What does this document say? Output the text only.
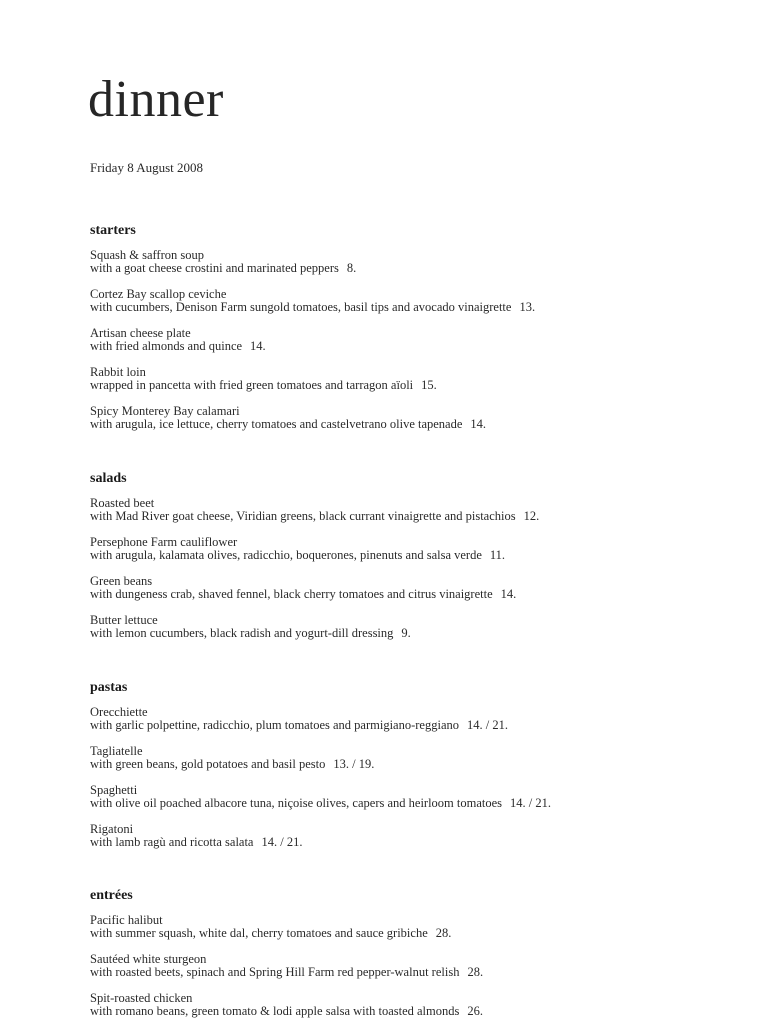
dinner
Friday 8 August 2008
starters
Squash & saffron soup
with a goat cheese crostini and marinated peppers 8.
Cortez Bay scallop ceviche
with cucumbers, Denison Farm sungold tomatoes, basil tips and avocado vinaigrette 13.
Artisan cheese plate
with fried almonds and quince 14.
Rabbit loin
wrapped in pancetta with fried green tomatoes and tarragon aïoli 15.
Spicy Monterey Bay calamari
with arugula, ice lettuce, cherry tomatoes and castelvetrano olive tapenade 14.
salads
Roasted beet
with Mad River goat cheese, Viridian greens, black currant vinaigrette and pistachios 12.
Persephone Farm cauliflower
with arugula, kalamata olives, radicchio, boquerones, pinenuts and salsa verde 11.
Green beans
with dungeness crab, shaved fennel, black cherry tomatoes and citrus vinaigrette 14.
Butter lettuce
with lemon cucumbers, black radish and yogurt-dill dressing 9.
pastas
Orecchiette
with garlic polpettine, radicchio, plum tomatoes and parmigiano-reggiano 14. / 21.
Tagliatelle
with green beans, gold potatoes and basil pesto 13. / 19.
Spaghetti
with olive oil poached albacore tuna, niçoise olives, capers and heirloom tomatoes 14. / 21.
Rigatoni
with lamb ragù and ricotta salata 14. / 21.
entrées
Pacific halibut
with summer squash, white dal, cherry tomatoes and sauce gribiche 28.
Sautéed white sturgeon
with roasted beets, spinach and Spring Hill Farm red pepper-walnut relish 28.
Spit-roasted chicken
with romano beans, green tomato & lodi apple salsa with toasted almonds 26.
